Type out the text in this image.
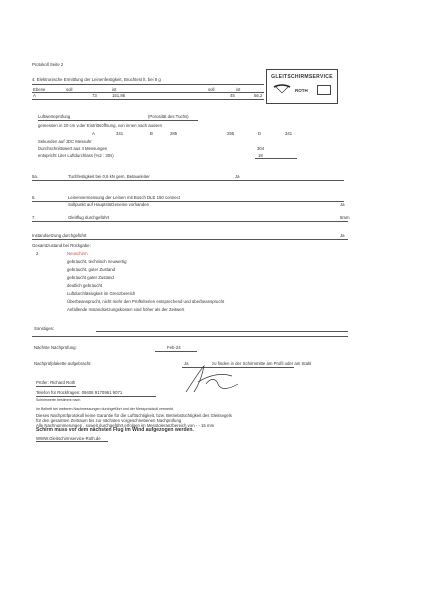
Protokoll Seite 2
GLEITSCHIRMSERVICE
ROTH
4. Elektronische Ermittlung der Leinenfestigkeit, Bruchtest lt. bei 8 g
Ebene	soll	ist	soll	ist
A	73	151,86	45	56,2
Luftwerteprüfung	(Porosität des Tuchs)
gemessen in 20 cm v.der Eintrittsöffnung, von innen nach aussen
A	341	B	285	295	D	341
Sekunden auf JDC Messuhr
Durchschnittswert aus 4 Messungen	304
entspricht Liter Luftdurchlass (%2 : 30s)	18
5a.	Tuchfestigkeit bei 0,6 kN gem. Betaueleiter	Ja
6.	Leinenvermessung der Leinen mit Bosch DLE 150 connect
Sollpunkt auf Hauptstützeneine vorhanden	Ja
7.	Gleitflug durchgeführt	5mm
Instandsetzung durchgeführt	Ja
Gesamtzustand bei Rückgabe:
2	Neuschirm
gebraucht, technisch neuwertig
gebraucht, guter Zustand
gebraucht guter Zustand
deutlich gebraucht
Luftdurchlässigkeit im Grenzbereich
Überbeansprucht, nicht mehr den Prüfkriterien entsprechend und überbeansprucht
Anfallende Instandsetzungskosten sind höher als der Zeitwert
Sonstiges:
Nächste Nachprüfung:	Feb-24
Nachprüfplakette aufgebracht:	Ja	zu finden in der Schirmmitte am Profil oder am Stabl
Prüfer: Richard Roth
Telefon für Rückfragen: 09406 9170961 9071
Schirmwerte bestimmt nach
Im Beiheft bei weiteren Nachmessungen durchgeführt und der Messprotokoll vermerkt.
Dieses Nachprüfprotokoll keine Garantie für die Lufttüchtigkeit, bzw. Betriebstüchtigkeit des Gleitsegels
für den gesamten Zeitraum bis zur nächsten vorgeschriebenen Nachprüfung
Alle Nachnummerungen , soweit durchgeführt,erfolgen im Messtoleranzbereich von - - 15 mm
Schirm muss vor dem nächsten Flug im Wind aufgezogen werden.
WWW.Gleitschirmservice-Roth.de
